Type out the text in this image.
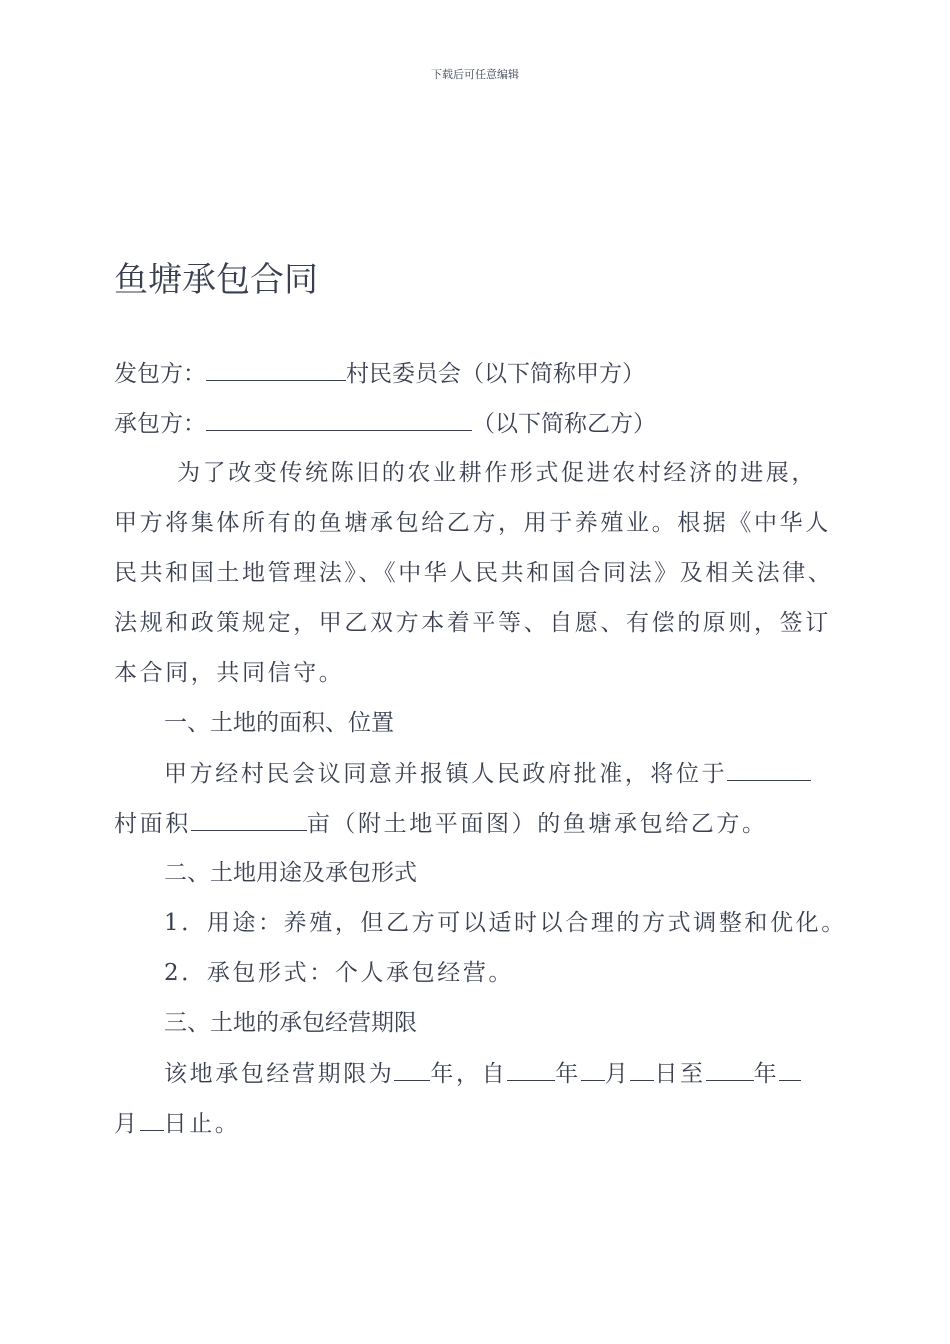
下载后可任意编辑
鱼塘承包合同
发包方：	村民委员会（以下简称甲方）
承包方：	（以下简称乙方）
为了改变传统陈旧的农业耕作形式促进农村经济的进展，
甲方将集体所有的鱼塘承包给乙方，用于养殖业。根据《中华人
民共和国土地管理法》、《中华人民共和国合同法》及相关法律、
法规和政策规定，甲乙双方本着平等、自愿、有偿的原则，签订
本合同，共同信守。
一、土地的面积、位置
甲方经村民会议同意并报镇人民政府批准，将位于
村面积	亩（附土地平面图）的鱼塘承包给乙方。
二、土地用途及承包形式
1．用途：养殖，但乙方可以适时以合理的方式调整和优化。
2．承包形式：个人承包经营。
三、土地的承包经营期限
该地承包经营期限为 年，自 年 月 日至 年
月 日止。
